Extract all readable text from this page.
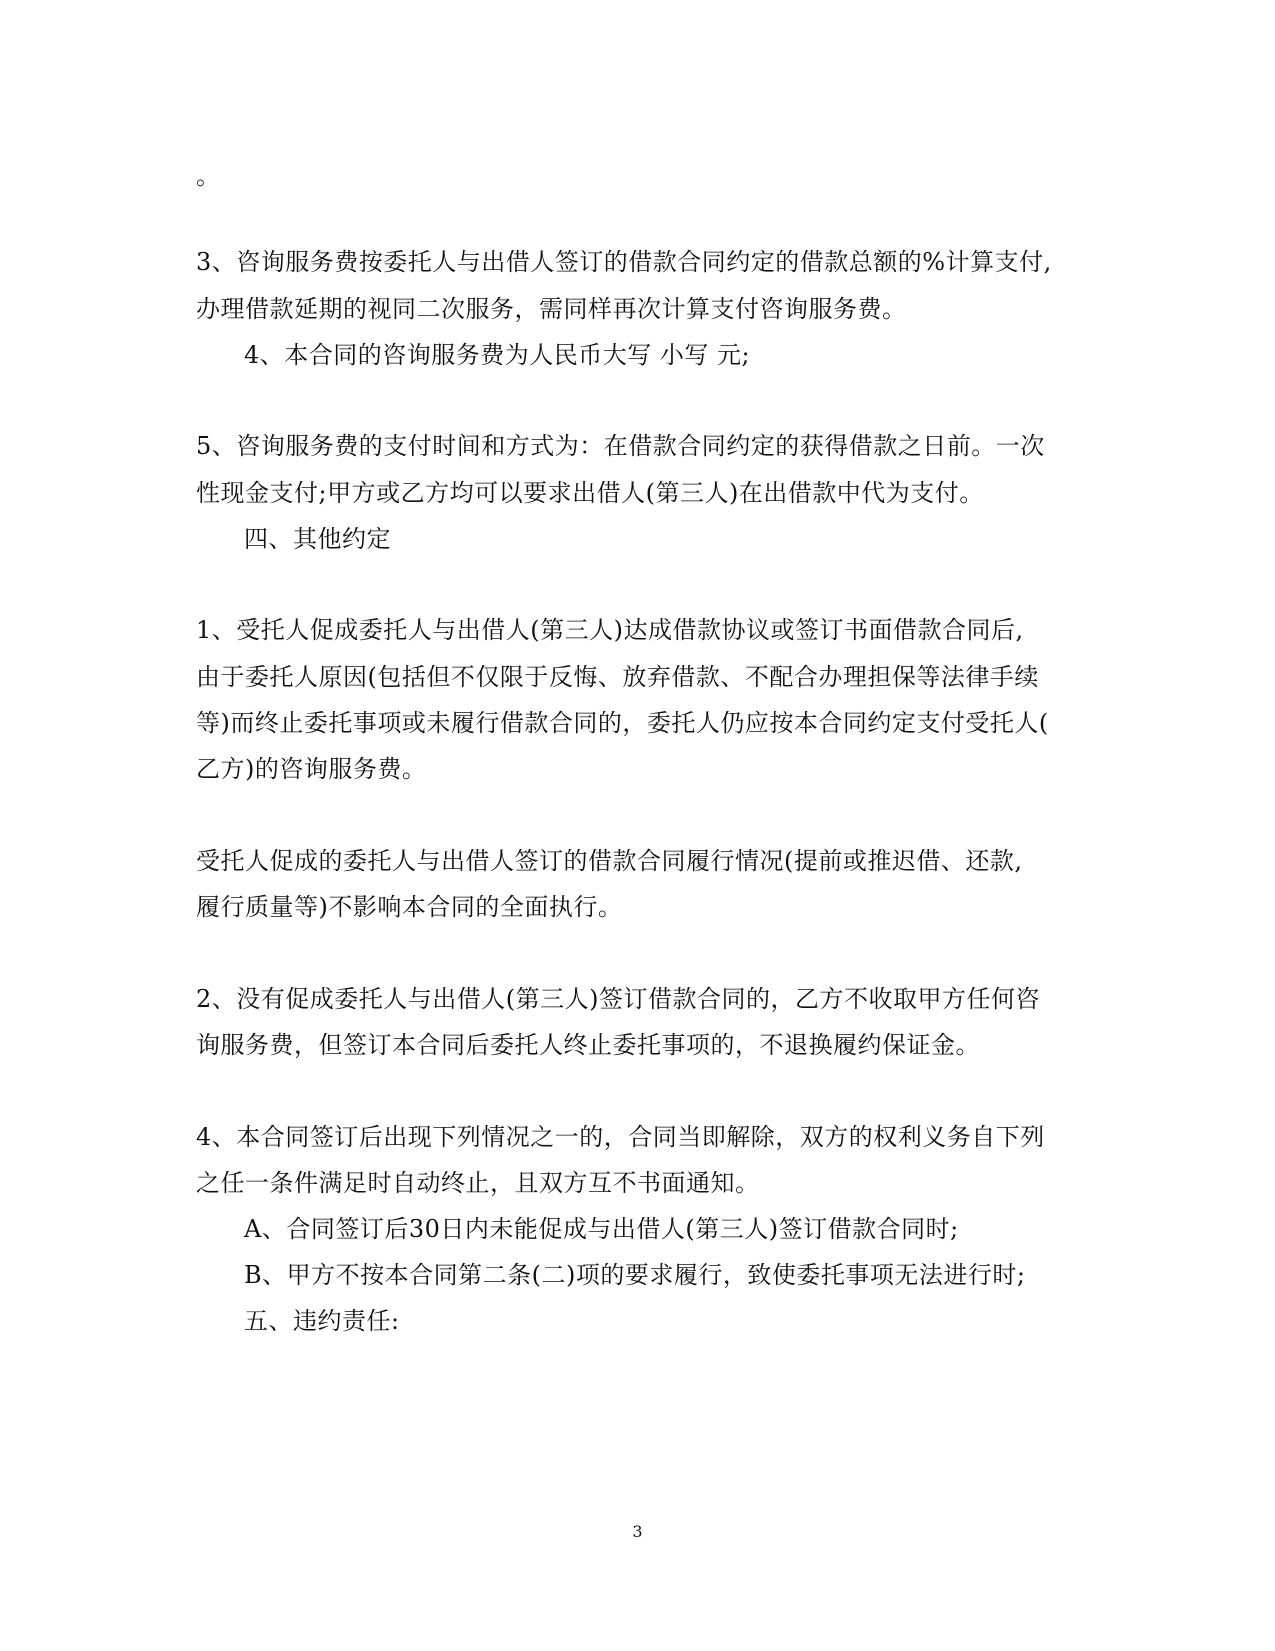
。
3、咨询服务费按委托人与出借人签订的借款合同约定的借款总额的%计算支付,
办理借款延期的视同二次服务，需同样再次计算支付咨询服务费。
4、本合同的咨询服务费为人民币大写 小写 元;
5、咨询服务费的支付时间和方式为：在借款合同约定的获得借款之日前。一次
性现金支付;甲方或乙方均可以要求出借人(第三人)在出借款中代为支付。
四、其他约定
1、受托人促成委托人与出借人(第三人)达成借款协议或签订书面借款合同后,
由于委托人原因(包括但不仅限于反悔、放弃借款、不配合办理担保等法律手续
等)而终止委托事项或未履行借款合同的，委托人仍应按本合同约定支付受托人(
乙方)的咨询服务费。
受托人促成的委托人与出借人签订的借款合同履行情况(提前或推迟借、还款,
履行质量等)不影响本合同的全面执行。
2、没有促成委托人与出借人(第三人)签订借款合同的，乙方不收取甲方任何咨
询服务费，但签订本合同后委托人终止委托事项的，不退换履约保证金。
4、本合同签订后出现下列情况之一的，合同当即解除，双方的权利义务自下列
之任一条件满足时自动终止，且双方互不书面通知。
A、合同签订后30日内未能促成与出借人(第三人)签订借款合同时;
B、甲方不按本合同第二条(二)项的要求履行，致使委托事项无法进行时;
五、违约责任:
3
